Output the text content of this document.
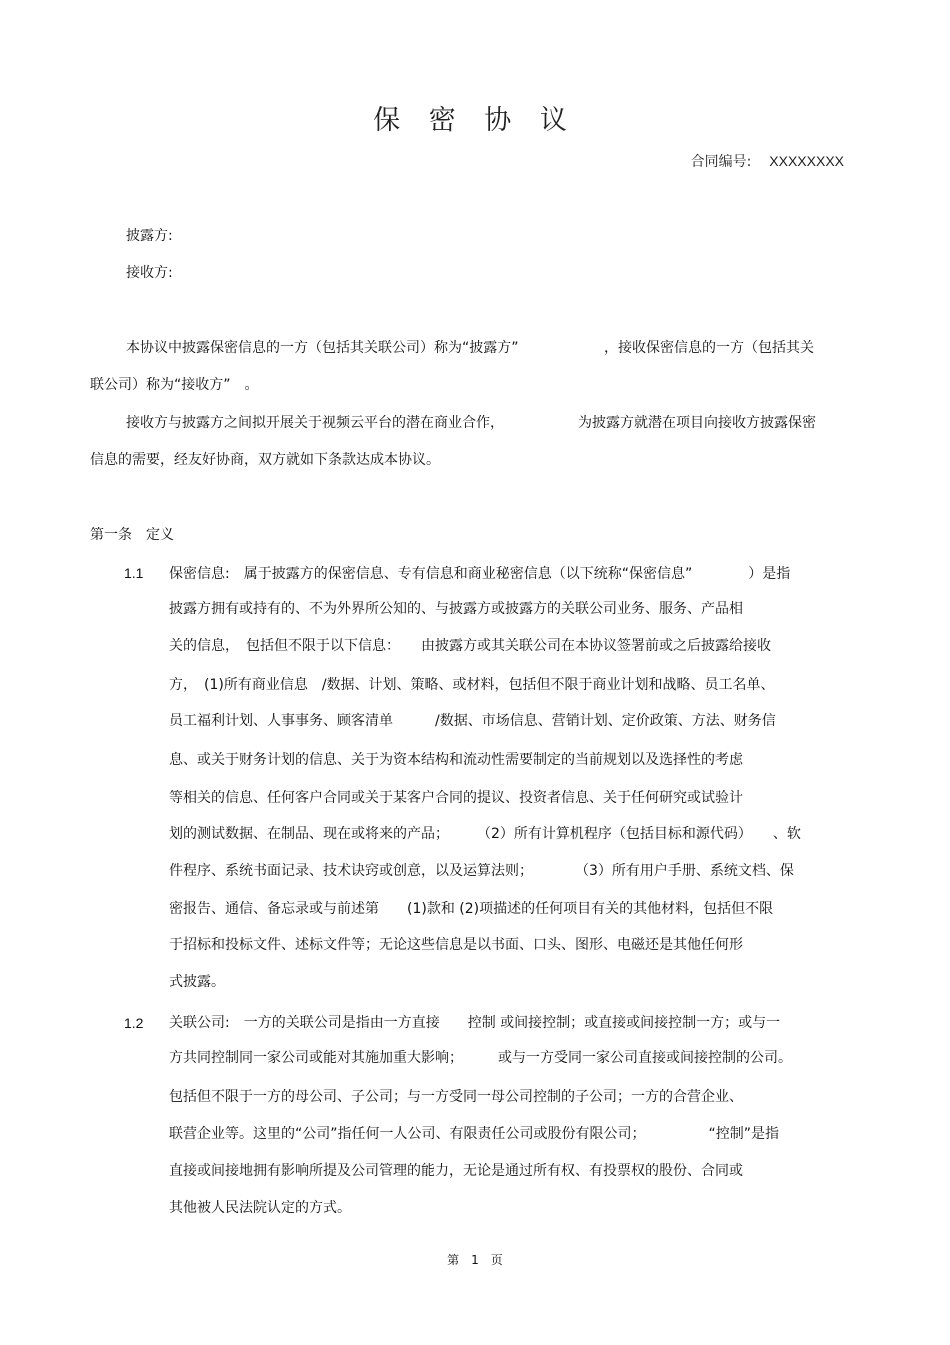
保 密 协 议
合同编号: XXXXXXXX
披露方:
接收方:
本协议中披露保密信息的一方（包括其关联公司）称为“披露方”	，接收保密信息的一方（包括其关
联公司）称为“接收方”　。
接收方与披露方之间拟开展关于视频云平台的潜在商业合作，	为披露方就潜在项目向接收方披露保密
信息的需要，经友好协商，双方就如下条款达成本协议。
第一条　定义
1.1 保密信息:　属于披露方的保密信息、专有信息和商业秘密信息（以下统称“保密信息”　　　　）是指
披露方拥有或持有的、不为外界所公知的、与披露方或披露方的关联公司业务、服务、产品相
关的信息，　包括但不限于以下信息：　　由披露方或其关联公司在本协议签署前或之后披露给接收
方，　(1)所有商业信息　/数据、计划、策略、或材料，包括但不限于商业计划和战略、员工名单、
员工福利计划、人事事务、顾客清单　　　/数据、市场信息、营销计划、定价政策、方法、财务信
息、或关于财务计划的信息、关于为资本结构和流动性需要制定的当前规划以及选择性的考虑
等相关的信息、任何客户合同或关于某客户合同的提议、投资者信息、关于任何研究或试验计
划的测试数据、在制品、现在或将来的产品；　　　（2）所有计算机程序（包括目标和源代码）　　、软
件程序、系统书面记录、技术诀窍或创意，以及运算法则；　　　　（3）所有用户手册、系统文档、保
密报告、通信、备忘录或与前述第　　(1)款和 (2)项描述的任何项目有关的其他材料，包括但不限
于招标和投标文件、述标文件等；无论这些信息是以书面、口头、图形、电磁还是其他任何形
式披露。
1.2 关联公司:　一方的关联公司是指由一方直接　　控制 或间接控制；或直接或间接控制一方；或与一
方共同控制同一家公司或能对其施加重大影响；　　　或与一方受同一家公司直接或间接控制的公司。
包括但不限于一方的母公司、子公司；与一方受同一母公司控制的子公司；一方的合营企业、
联营企业等。这里的“公司”指任何一人公司、有限责任公司或股份有限公司；　　　　　“控制”是指
直接或间接地拥有影响所提及公司管理的能力，无论是通过所有权、有投票权的股份、合同或
其他被人民法院认定的方式。
第　1　页
